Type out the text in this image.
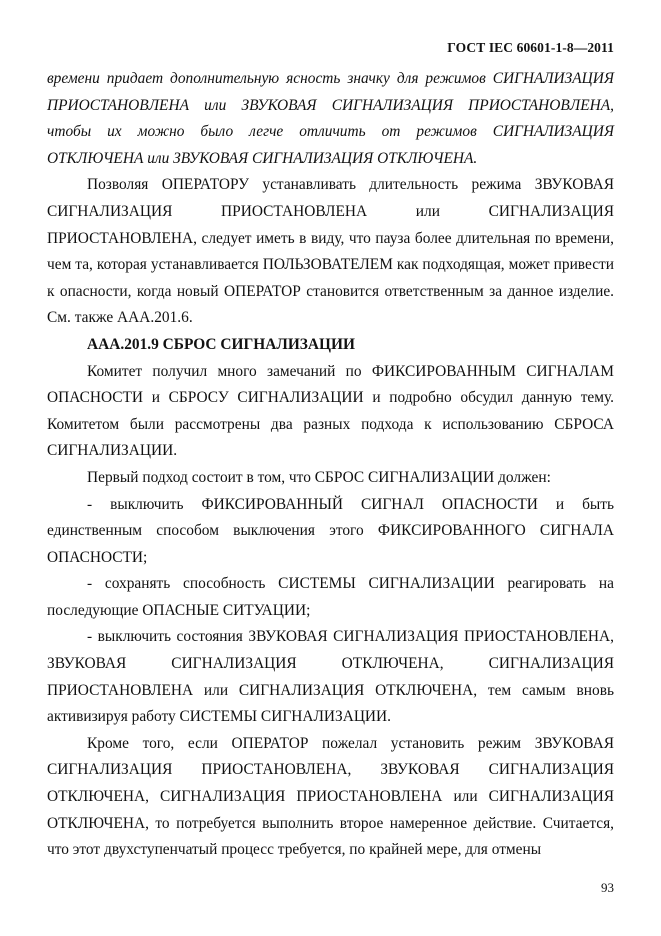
ГОСТ IEC 60601-1-8—2011

времени придает дополнительную ясность значку для режимов СИГНАЛИЗАЦИЯ ПРИОСТАНОВЛЕНА или ЗВУКОВАЯ СИГНАЛИЗАЦИЯ ПРИОСТАНОВЛЕНА, чтобы их можно было легче отличить от режимов СИГНАЛИЗАЦИЯ ОТКЛЮЧЕНА или ЗВУКОВАЯ СИГНАЛИЗАЦИЯ ОТКЛЮЧЕНА.

Позволяя ОПЕРАТОРУ устанавливать длительность режима ЗВУКОВАЯ СИГНАЛИЗАЦИЯ ПРИОСТАНОВЛЕНА или СИГНАЛИЗАЦИЯ ПРИОСТАНОВЛЕНА, следует иметь в виду, что пауза более длительная по времени, чем та, которая устанавливается ПОЛЬЗОВАТЕЛЕМ как подходящая, может привести к опасности, когда новый ОПЕРАТОР становится ответственным за данное изделие. См. также AAA.201.6.

AAA.201.9 СБРОС СИГНАЛИЗАЦИИ

Комитет получил много замечаний по ФИКСИРОВАННЫМ СИГНАЛАМ ОПАСНОСТИ и СБРОСУ СИГНАЛИЗАЦИИ и подробно обсудил данную тему. Комитетом были рассмотрены два разных подхода к использованию СБРОСА СИГНАЛИЗАЦИИ.

Первый подход состоит в том, что СБРОС СИГНАЛИЗАЦИИ должен:

- выключить ФИКСИРОВАННЫЙ СИГНАЛ ОПАСНОСТИ и быть единственным способом выключения этого ФИКСИРОВАННОГО СИГНАЛА ОПАСНОСТИ;

- сохранять способность СИСТЕМЫ СИГНАЛИЗАЦИИ реагировать на последующие ОПАСНЫЕ СИТУАЦИИ;

- выключить состояния ЗВУКОВАЯ СИГНАЛИЗАЦИЯ ПРИОСТАНОВЛЕНА, ЗВУКОВАЯ СИГНАЛИЗАЦИЯ ОТКЛЮЧЕНА, СИГНАЛИЗАЦИЯ ПРИОСТАНОВЛЕНА или СИГНАЛИЗАЦИЯ ОТКЛЮЧЕНА, тем самым вновь активизируя работу СИСТЕМЫ СИГНАЛИЗАЦИИ.

Кроме того, если ОПЕРАТОР пожелал установить режим ЗВУКОВАЯ СИГНАЛИЗАЦИЯ ПРИОСТАНОВЛЕНА, ЗВУКОВАЯ СИГНАЛИЗАЦИЯ ОТКЛЮЧЕНА, СИГНАЛИЗАЦИЯ ПРИОСТАНОВЛЕНА или СИГНАЛИЗАЦИЯ ОТКЛЮЧЕНА, то потребуется выполнить второе намеренное действие. Считается, что этот двухступенчатый процесс требуется, по крайней мере, для отмены

93
